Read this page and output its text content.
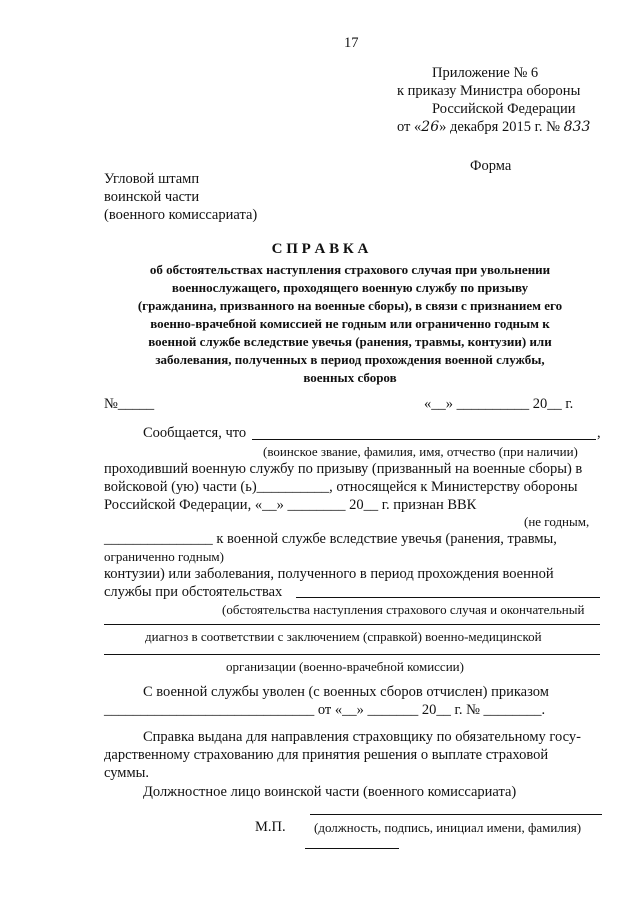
17
Приложение № 6
к приказу Министра обороны
Российской Федерации
от «26» декабря 2015 г. № 833
Форма
Угловой штамп
воинской части
(военного комиссариата)
С П Р А В К А
об обстоятельствах наступления страхового случая при увольнении
военнослужащего, проходящего военную службу по призыву
(гражданина, призванного на военные сборы), в связи с признанием его
военно-врачебной комиссией не годным или ограниченно годным к
военной службе вследствие увечья (ранения, травмы, контузии) или
заболевания, полученных в период прохождения военной службы,
военных сборов
№_____	«__» __________ 20__ г.
Сообщается, что	,
(воинское звание, фамилия, имя, отчество (при наличии)
проходивший военную службу по призыву (призванный на военные сборы) в
войсковой (ую) части (ь)__________, относящейся к Министерству обороны
Российской Федерации, «__» ________ 20__ г. признан ВВК
(не годным,
_______________ к военной службе вследствие увечья (ранения, травмы,
ограниченно годным)
контузии) или заболевания, полученного в период прохождения военной
службы при обстоятельствах
(обстоятельства наступления страхового случая и окончательный
диагноз в соответствии с заключением (справкой) военно-медицинской
организации (военно-врачебной комиссии)
С военной службы уволен (с военных сборов отчислен) приказом
_____________________________ от «__» _______ 20__ г. № ________.
Справка выдана для направления страховщику по обязательному госу-
дарственному страхованию для принятия решения о выплате страховой
суммы.
Должностное лицо воинской части (военного комиссариата)
М.П. (должность, подпись, инициал имени, фамилия)
